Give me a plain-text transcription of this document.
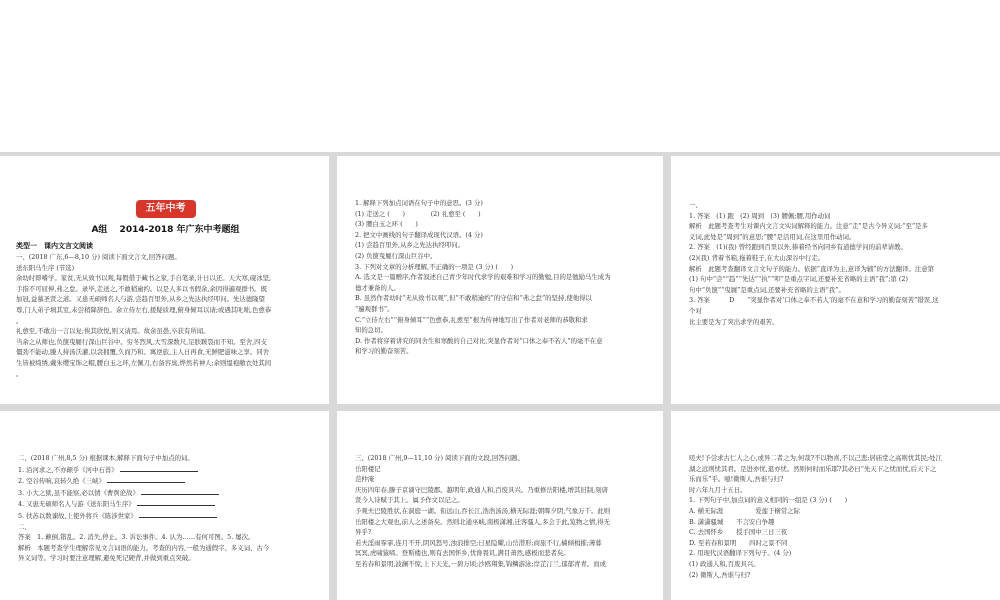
五年中考
A组　 2014-2018 年广东中考题组
类型一　课内文言文阅读
一、(2018 广东,6—8,10 分) 阅读下面文言文,回答问题。
送东阳马生序 (节选)
余幼时即嗜学。家贫,无从致书以观,每假借于藏书之家,手自笔录,计日以还。天大寒,砚冰坚,
手指不可屈伸,弗之怠。录毕,走送之,不敢稍逾约。以是人多以书假余,余因得遍观群书。既
加冠,益慕圣贤之道。又患无硕师名人与游,尝趋百里外,从乡之先达执经叩问。先达德隆望
尊,门人弟子填其室,未尝稍降辞色。余立侍左右,援疑质理,俯身倾耳以请;或遇其叱咄,色愈恭
。
礼愈至,不敢出一言以复;俟其欣悦,则又请焉。故余虽愚,卒获有所闻。
当余之从师也,负箧曳屣行深山巨谷中。穷冬烈风,大雪深数尺,足肤皲裂而不知。至舍,四支
僵劲不能动,媵人持汤沃灌,以衾拥覆,久而乃和。寓逆旅,主人日再食,无鲜肥滋味之享。同舍
生皆被绮绣,戴朱缨宝饰之帽,腰白玉之环,左佩刀,右备容臭,烨然若神人;余则缊袍敝衣处其间
。
1. 解释下列加点词语在句子中的意思。(3 分)
(1) 走送之 (　　)　　　　(2) 礼愈至 (　　)
(3) 腰白玉之环 (　　)
2. 把文中画线的句子翻译成现代汉语。(4 分)
(1) 尝趋百里外,从乡之先达执经叩问。
(2) 负箧曳屣行深山巨谷中。
3. 下列对文章的分析理解,不正确的一项是 (3 分) (　　)
A. 选文是一篇赠序,作者叙述自己青少年时代求学的艰难和学习的勤勉,目的是勉励马生成为
德才兼备的人。
B. 虽然作者幼时“无从致书以观”,但“不敢稍逾约”的守信和“弗之怠”的坚持,使他得以
“遍观群书”。
C.“立侍左右”“俯身倾耳”“色愈恭,礼愈至”根为传神地写出了作者对老师的恭敬和求
知的急切。
D. 作者将穿着讲究的同舍生和寒酸的自己对比,突显作者对“口体之奉不若人”的毫不在意
和学习的勤奋刻苦。
一、
1. 答案　(1) 跑　(2) 周到　(3) 腰佩;腰,用作动词
解析　此题考查考生对课内文言文实词解释的能力。注意“走”是古今异义词;“至”是多
义词,此处是“周到”的意思;“腰”是活用词,在这里用作动词。
2. 答案　(1)(我) 曾经跑到百里以外,捧着经书向同乡有道德学问的前辈请教。
(2)(我) 背着书箱,拖着鞋子,在大山深谷中行走。
解析　此题考查翻译文言文句子的能力。依据“直译为主,意译为辅”的方法翻译。注意第
(1) 句中“尝”“趋”“先达”“执”“叩”是重点字词,还要补充省略的主语“我”;第 (2)
句中“负箧”“曳屣”是重点词,还要补充省略的主语“我”。
3. 答案　　　D　　“突显作者对‘口体之奉不若人’的毫不在意和学习的勤奋刻苦”错误,这
个对
比主要是为了突出求学的艰苦。
二、(2018 广州,8,5 分) 根据课本,解释下面句子中加点的词。
1. 沿河求之,不亦颠乎《河中石兽》
2. 空谷传响,哀转久绝《三峡》
3. 小大之狱,虽不能察,必以情《曹刿论战》
4. 又患无硕师名人与游《送东阳马生序》
5. 扶苏以数谏故,上使外将兵《陈涉世家》
二、
答案　1. 颠倒,错乱。2. 消失,停止。3. 诉讼事件。4. 认为……有何可图。5. 屡次。
解析　本题考查学生理解常见文言词语的能力。考查的内容,一般为通假字、多义词、古今
异义词等。学习时要注意理解,避免死记硬背,并做到重点突破。
三、(2018 广州,9—11,10 分) 阅读下面的文段,回答问题。
岳阳楼记
范仲淹
庆历四年春,滕子京谪守巴陵郡。越明年,政通人和,百废具兴。乃重修岳阳楼,增其旧制,刻唐
贤今人诗赋于其上。属予作文以记之。
予观夫巴陵胜状,在洞庭一湖。衔远山,吞长江,浩浩汤汤,横无际涯;朝晖夕阴,气象万千。此则
岳阳楼之大观也,前人之述备矣。然则北通巫峡,南极潇湘,迁客骚人,多会于此,览物之情,得无
异乎?
若夫淫雨霏霏,连月不开,阴风怒号,浊浪排空;日星隐曜,山岳潜形;商旅不行,樯倾楫摧;薄暮
冥冥,虎啸猿啼。登斯楼也,则有去国怀乡,忧谗畏讥,满目萧然,感极而悲者矣。
至若春和景明,波澜不惊,上下天光,一碧万顷;沙鸥翔集,锦鳞游泳;岸芷汀兰,郁郁青青。而或
嗟夫!予尝求古仁人之心,或异二者之为,何哉?不以物喜,不以己悲;居庙堂之高则忧其民;处江
湖之远则忧其君。是进亦忧,退亦忧。然则何时而乐耶?其必曰“先天下之忧而忧,后天下之
乐而乐”乎。噫!微斯人,吾谁与归?
时六年九月十五日。
1. 下列句子中,加点词的意义相同的一组是 (3 分) (　　)
A. 横无际涯　　　　　爱莲于横常之际
B. 潇潇骚城　　不言安自争趣
C. 去国怀乡　　授手国中三日三夜
D. 至若春和景明　　四时之景不同
2. 用现代汉语翻译下列句子。(4 分)
(1) 政通人和,百废具兴。
(2) 微斯人,吾谁与归?
